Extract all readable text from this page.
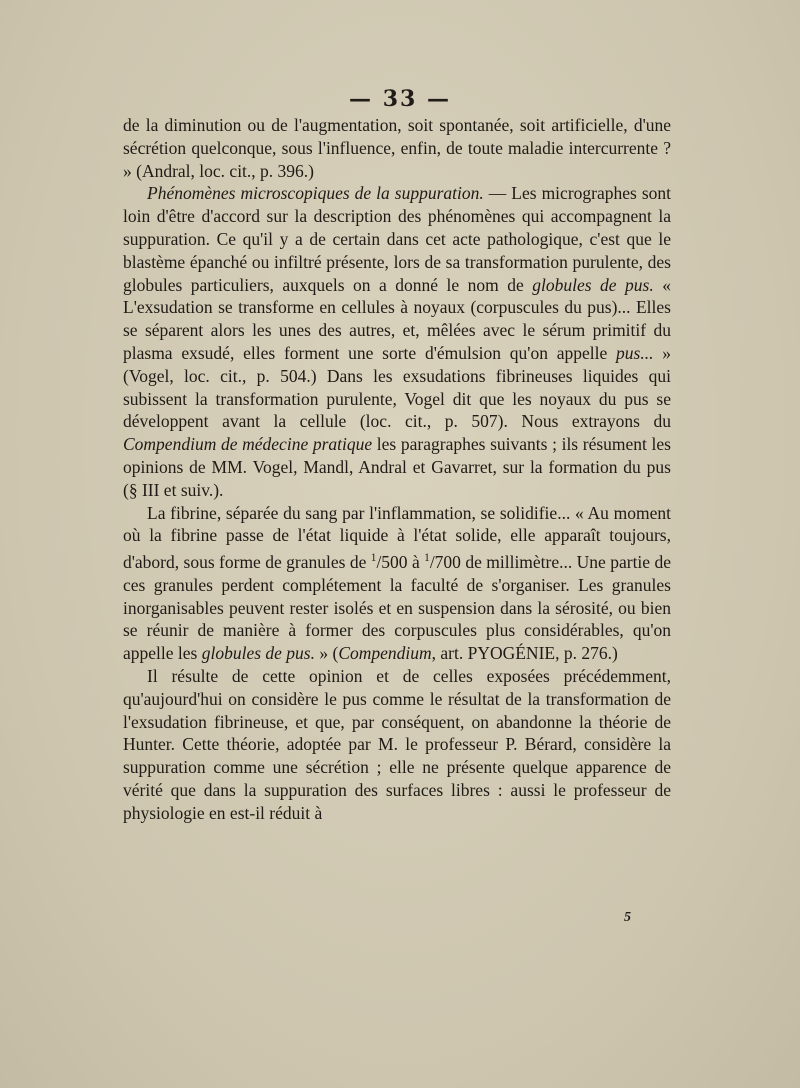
— 33 —

de la diminution ou de l'augmentation, soit spontanée, soit artificielle, d'une sécrétion quelconque, sous l'influence, enfin, de toute maladie intercurrente ? » (Andral, loc. cit., p. 396.)

Phénomènes microscopiques de la suppuration. — Les micrographes sont loin d'être d'accord sur la description des phénomènes qui accompagnent la suppuration. Ce qu'il y a de certain dans cet acte pathologique, c'est que le blastème épanché ou infiltré présente, lors de sa transformation purulente, des globules particuliers, auxquels on a donné le nom de globules de pus. « L'exsudation se transforme en cellules à noyaux (corpuscules du pus)... Elles se séparent alors les unes des autres, et, mêlées avec le sérum primitif du plasma exsudé, elles forment une sorte d'émulsion qu'on appelle pus... » (Vogel, loc. cit., p. 504.) Dans les exsudations fibrineuses liquides qui subissent la transformation purulente, Vogel dit que les noyaux du pus se développent avant la cellule (loc. cit., p. 507). Nous extrayons du Compendium de médecine pratique les paragraphes suivants ; ils résument les opinions de MM. Vogel, Mandl, Andral et Gavarret, sur la formation du pus (§ III et suiv.).

La fibrine, séparée du sang par l'inflammation, se solidifie... « Au moment où la fibrine passe de l'état liquide à l'état solide, elle apparaît toujours, d'abord, sous forme de granules de $^1$/500 à $^1$/700 de millimètre... Une partie de ces granules perdent complétement la faculté de s'organiser. Les granules inorganisables peuvent rester isolés et en suspension dans la sérosité, ou bien se réunir de manière à former des corpuscules plus considérables, qu'on appelle les globules de pus. » (Compendium, art. PYOGÉNIE, p. 276.)

Il résulte de cette opinion et de celles exposées précédemment, qu'aujourd'hui on considère le pus comme le résultat de la transformation de l'exsudation fibrineuse, et que, par conséquent, on abandonne la théorie de Hunter. Cette théorie, adoptée par M. le professeur P. Bérard, considère la suppuration comme une sécrétion ; elle ne présente quelque apparence de vérité que dans la suppuration des surfaces libres : aussi le professeur de physiologie en est-il réduit à

5
